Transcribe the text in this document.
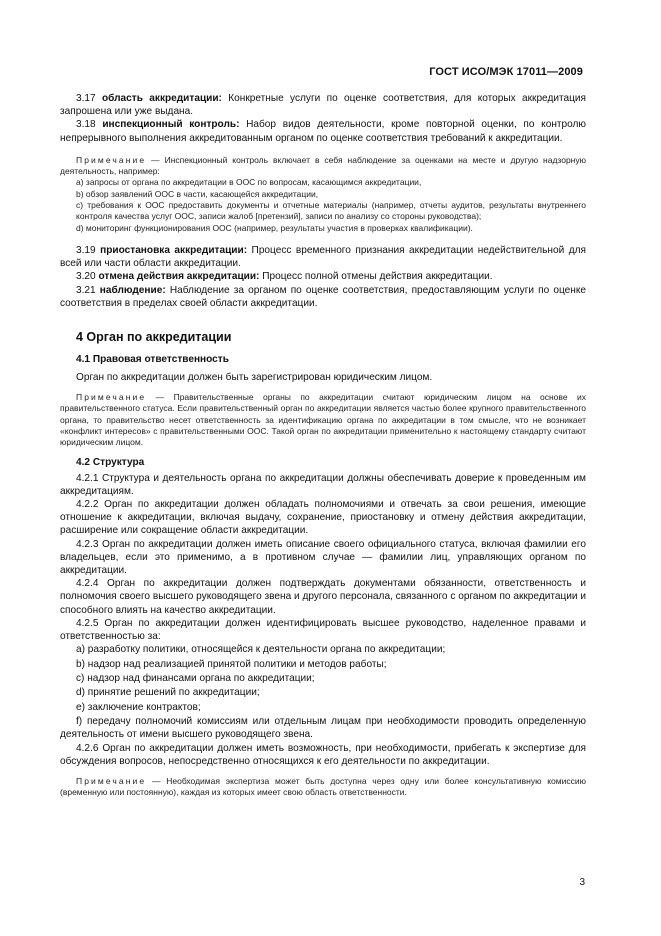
ГОСТ ИСО/МЭК 17011—2009

3.17 область аккредитации: Конкретные услуги по оценке соответствия, для которых аккредитация запрошена или уже выдана.

3.18 инспекционный контроль: Набор видов деятельности, кроме повторной оценки, по контролю непрерывного выполнения аккредитованным органом по оценке соответствия требований к аккредитации.

Примечание — Инспекционный контроль включает в себя наблюдение за оценками на месте и другую надзорную деятельность, например:

а) запросы от органа по аккредитации в ООС по вопросам, касающимся аккредитации,

b) обзор заявлений ООС в части, касающейся аккредитации,

с) требования к ООС предоставить документы и отчетные материалы (например, отчеты аудитов, результаты внутреннего контроля качества услуг ООС, записи жалоб [претензий], записи по анализу со стороны руководства);

d) мониторинг функционирования ООС (например, результаты участия в проверках квалификации).

3.19 приостановка аккредитации: Процесс временного признания аккредитации недействительной для всей или части области аккредитации.

3.20 отмена действия аккредитации: Процесс полной отмены действия аккредитации.

3.21 наблюдение: Наблюдение за органом по оценке соответствия, предоставляющим услуги по оценке соответствия в пределах своей области аккредитации.

4 Орган по аккредитации
4.1 Правовая ответственность

Орган по аккредитации должен быть зарегистрирован юридическим лицом.

Примечание — Правительственные органы по аккредитации считают юридическим лицом на основе их правительственного статуса. Если правительственный орган по аккредитации является частью более крупного правительственного органа, то правительство несет ответственность за идентификацию органа по аккредитации в том смысле, что не возникает «конфликт интересов» с правительственными ООС. Такой орган по аккредитации применительно к настоящему стандарту считают юридическим лицом.

4.2 Структура

4.2.1 Структура и деятельность органа по аккредитации должны обеспечивать доверие к проведенным им аккредитациям.

4.2.2 Орган по аккредитации должен обладать полномочиями и отвечать за свои решения, имеющие отношение к аккредитации, включая выдачу, сохранение, приостановку и отмену действия аккредитации, расширение или сокращение области аккредитации.

4.2.3 Орган по аккредитации должен иметь описание своего официального статуса, включая фамилии его владельцев, если это применимо, а в противном случае — фамилии лиц, управляющих органом по аккредитации.

4.2.4 Орган по аккредитации должен подтверждать документами обязанности, ответственность и полномочия своего высшего руководящего звена и другого персонала, связанного с органом по аккредитации и способного влиять на качество аккредитации.

4.2.5 Орган по аккредитации должен идентифицировать высшее руководство, наделенное правами и ответственностью за:

а) разработку политики, относящейся к деятельности органа по аккредитации;

b) надзор над реализацией принятой политики и методов работы;

с) надзор над финансами органа по аккредитации;

d) принятие решений по аккредитации;

е) заключение контрактов;

f) передачу полномочий комиссиям или отдельным лицам при необходимости проводить определенную деятельность от имени высшего руководящего звена.

4.2.6 Орган по аккредитации должен иметь возможность, при необходимости, прибегать к экспертизе для обсуждения вопросов, непосредственно относящихся к его деятельности по аккредитации.

Примечание — Необходимая экспертиза может быть доступна через одну или более консультативную комиссию (временную или постоянную), каждая из которых имеет свою область ответственности.

3
